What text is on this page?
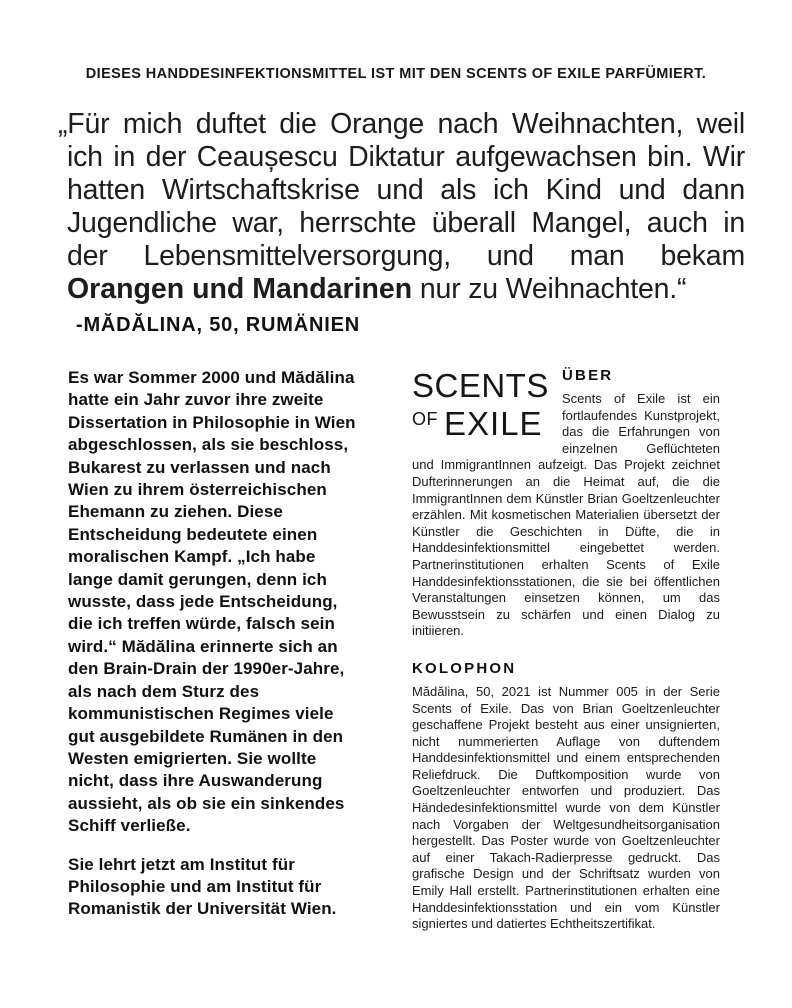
DIESES HANDDESINFEKTIONSMITTEL IST MIT DEN SCENTS OF EXILE PARFÜMIERT.

„Für mich duftet die Orange nach Weihnachten, weil ich in der Ceaușescu Diktatur aufgewachsen bin. Wir hatten Wirtschaftskrise und als ich Kind und dann Jugendliche war, herrschte überall Mangel, auch in der Lebensmittelversorgung, und man bekam Orangen und Mandarinen nur zu Weihnachten.“

-MĂDĂLINA, 50, RUMÄNIEN

Es war Sommer 2000 und Mădălina hatte ein Jahr zuvor ihre zweite Dissertation in Philosophie in Wien abgeschlossen, als sie beschloss, Bukarest zu verlassen und nach Wien zu ihrem österreichischen Ehemann zu ziehen. Diese Entscheidung bedeutete einen moralischen Kampf. „Ich habe lange damit gerungen, denn ich wusste, dass jede Entscheidung, die ich treffen würde, falsch sein wird.“ Mădălina erinnerte sich an den Brain-Drain der 1990er-Jahre, als nach dem Sturz des kommunistischen Regimes viele gut ausgebildete Rumänen in den Westen emigrierten. Sie wollte nicht, dass ihre Auswanderung aussieht, als ob sie ein sinkendes Schiff verließe.

Sie lehrt jetzt am Institut für Philosophie und am Institut für Romanistik der Universität Wien.

SCENTS
OF EXILE
ÜBER

Scents of Exile ist ein fortlaufendes Kunstprojekt, das die Erfahrungen von einzelnen Geflüchteten und ImmigrantInnen aufzeigt. Das Projekt zeichnet Dufterinnerungen an die Heimat auf, die die ImmigrantInnen dem Künstler Brian Goeltzenleuchter erzählen. Mit kosmetischen Materialien übersetzt der Künstler die Geschichten in Düfte, die in Handdesinfektionsmittel eingebettet werden. Partnerinstitutionen erhalten Scents of Exile Handdesinfektionsstationen, die sie bei öffentlichen Veranstaltungen einsetzen können, um das Bewusstsein zu schärfen und einen Dialog zu initiieren.

KOLOPHON

Mădălina, 50, 2021 ist Nummer 005 in der Serie Scents of Exile. Das von Brian Goeltzenleuchter geschaffene Projekt besteht aus einer unsignierten, nicht nummerierten Auflage von duftendem Handdesinfektionsmittel und einem entsprechenden Reliefdruck. Die Duftkomposition wurde von Goeltzenleuchter entworfen und produziert. Das Händedesinfektionsmittel wurde von dem Künstler nach Vorgaben der Weltgesundheitsorganisation hergestellt. Das Poster wurde von Goeltzenleuchter auf einer Takach-Radierpresse gedruckt. Das grafische Design und der Schriftsatz wurden von Emily Hall erstellt. Partnerinstitutionen erhalten eine Handdesinfektionsstation und ein vom Künstler signiertes und datiertes Echtheitszertifikat.
